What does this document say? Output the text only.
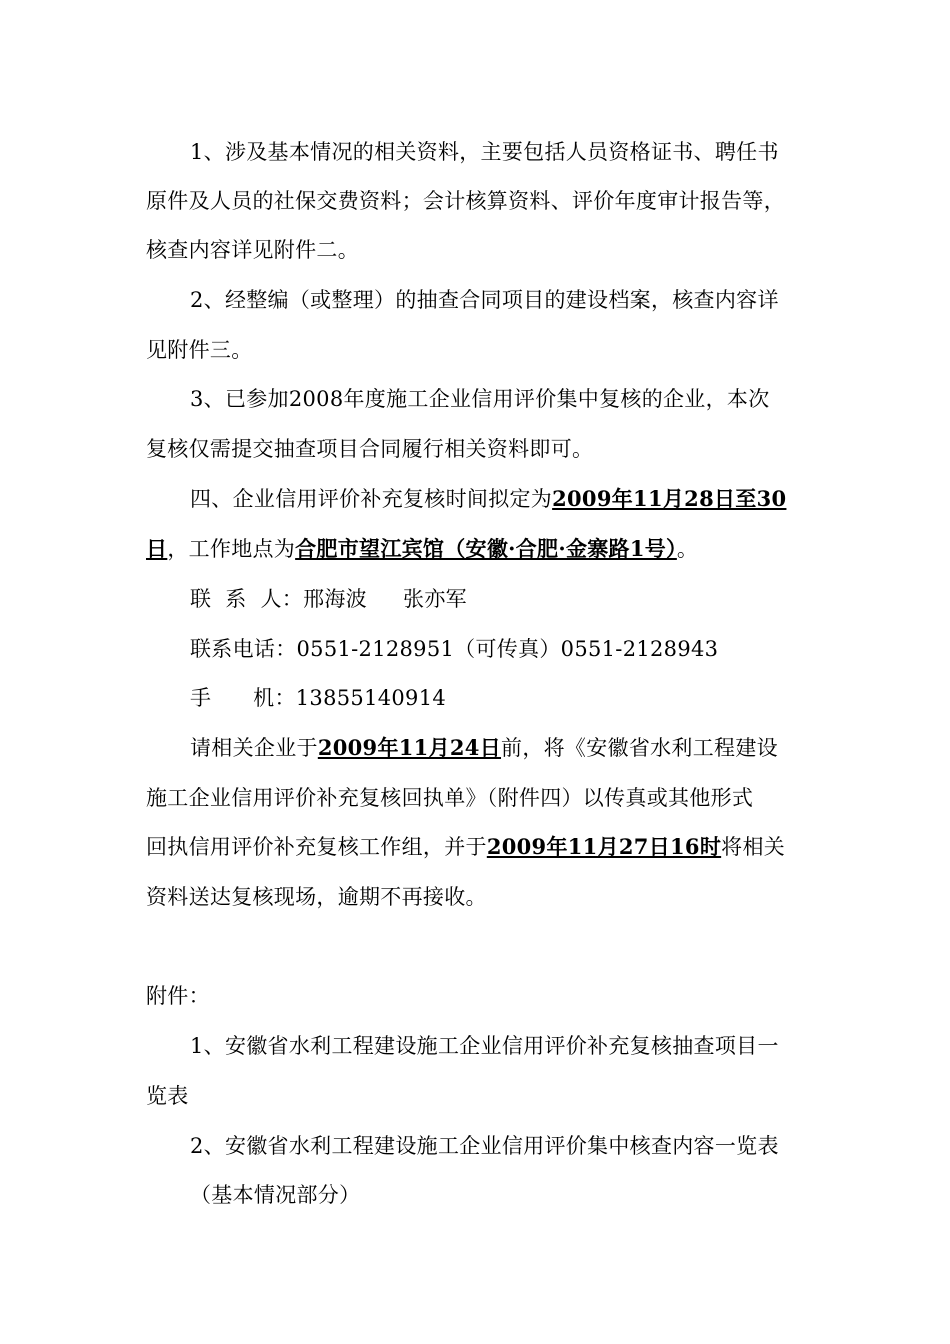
1、涉及基本情况的相关资料，主要包括人员资格证书、聘任书
原件及人员的社保交费资料；会计核算资料、评价年度审计报告等，
核查内容详见附件二。
2、经整编（或整理）的抽查合同项目的建设档案，核查内容详
见附件三。
3、已参加2008年度施工企业信用评价集中复核的企业，本次
复核仅需提交抽查项目合同履行相关资料即可。
四、企业信用评价补充复核时间拟定为2009年11月28日至30
日，工作地点为合肥市望江宾馆（安徽·合肥·金寨路1号）。
联  系  人：邢海波 张亦军
联系电话：0551-2128951（可传真）0551-2128943
手      机：13855140914
请相关企业于2009年11月24日前，将《安徽省水利工程建设
施工企业信用评价补充复核回执单》（附件四）以传真或其他形式
回执信用评价补充复核工作组，并于2009年11月27日16时将相关
资料送达复核现场，逾期不再接收。
附件：
1、安徽省水利工程建设施工企业信用评价补充复核抽查项目一
览表
2、安徽省水利工程建设施工企业信用评价集中核查内容一览表
（基本情况部分）
